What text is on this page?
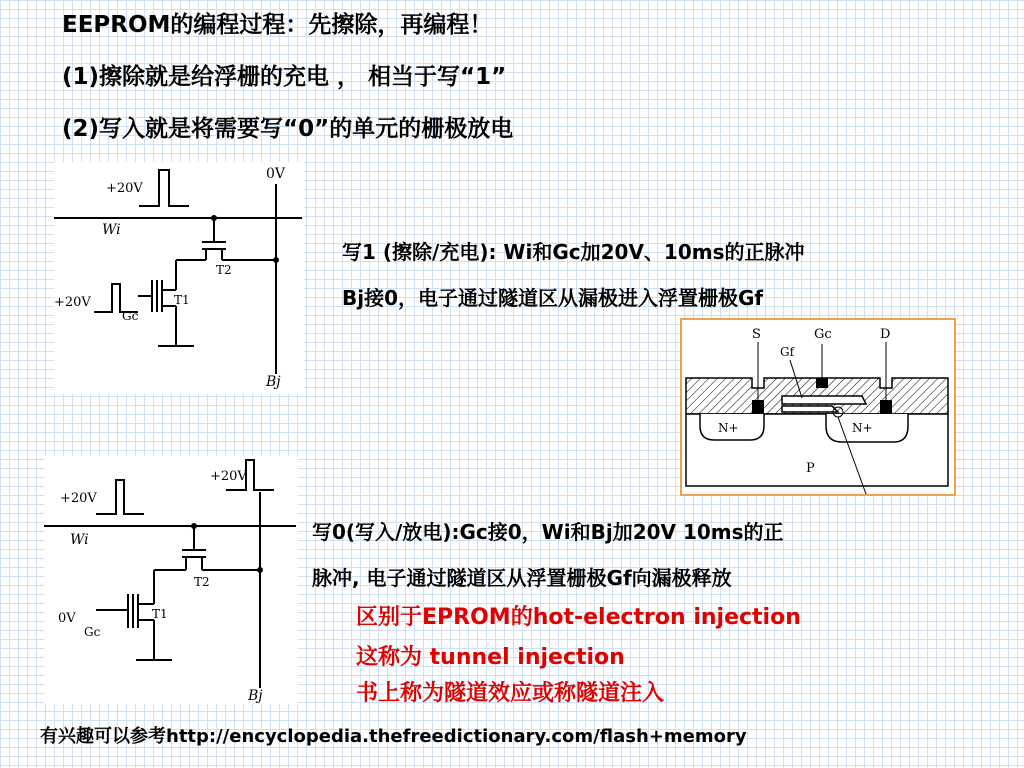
EEPROM的编程过程：先擦除，再编程！
(1)擦除就是给浮栅的充电 ， 相当于写“1”
(2)写入就是将需要写“0”的单元的栅极放电
0V
+20V
+20V
Wi
Bj
Gc
T1
T2
写1 (擦除/充电): Wi和Gc加20V、10ms的正脉冲
Bj接0，电子通过隧道区从漏极进入浮置栅极Gf
S	Gc	D
Gf
N+	N+
P
+20V
+20V
0V
Wi
Bj
Gc
T1
T2
写0(写入/放电):Gc接0，Wi和Bj加20V 10ms的正
脉冲, 电子通过隧道区从浮置栅极Gf向漏极释放
区别于EPROM的hot-electron injection
这称为 tunnel injection
书上称为隧道效应或称隧道注入
有兴趣可以参考http://encyclopedia.thefreedictionary.com/flash+memory
